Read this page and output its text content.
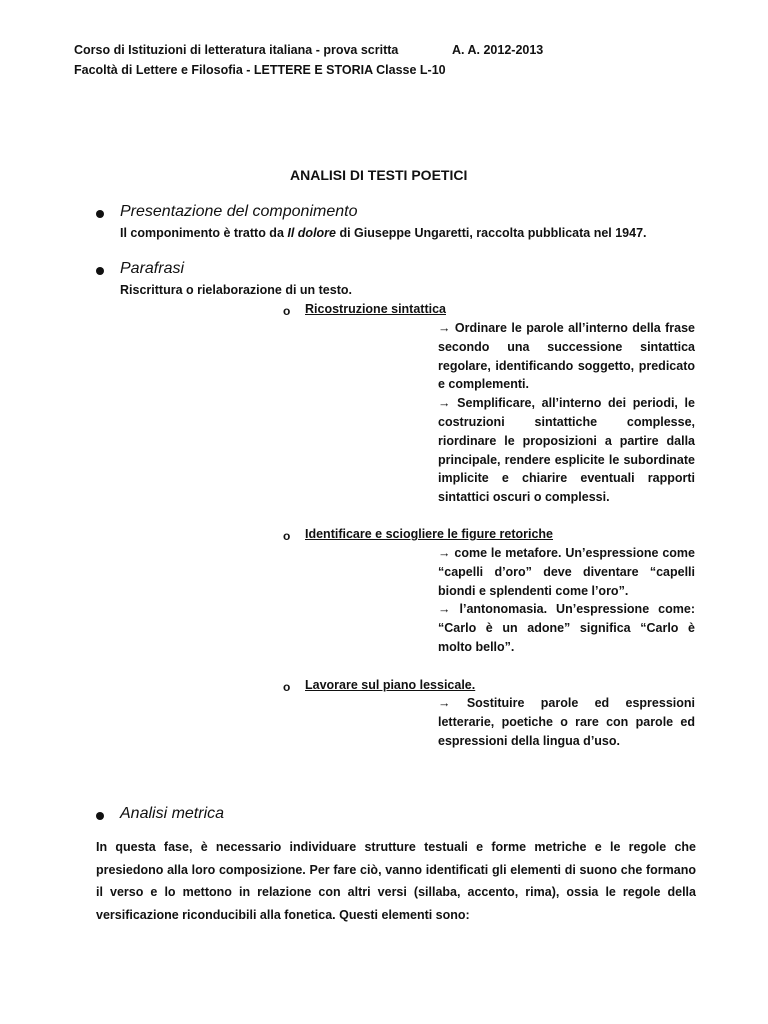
Corso di Istituzioni di letteratura italiana - prova scritta	A. A. 2012-2013
Facoltà di Lettere e Filosofia - LETTERE E STORIA Classe L-10
ANALISI DI TESTI POETICI
Presentazione del componimento
Il componimento è tratto da Il dolore di Giuseppe Ungaretti, raccolta pubblicata nel 1947.
Parafrasi
Riscrittura o rielaborazione di un testo.
o Ricostruzione sintattica

→ Ordinare le parole all’interno della frase secondo una successione sintattica regolare, identificando soggetto, predicato e complementi.

→ Semplificare, all’interno dei periodi, le costruzioni sintattiche complesse, riordinare le proposizioni a partire dalla principale, rendere esplicite le subordinate implicite e chiarire eventuali rapporti sintattici oscuri o complessi.

o Identificare e sciogliere le figure retoriche

→ come le metafore. Un’espressione come “capelli d’oro” deve diventare “capelli biondi e splendenti come l’oro”.

→ l’antonomasia. Un’espressione come: “Carlo è un adone” significa “Carlo è molto bello”.

o Lavorare sul piano lessicale.

→ Sostituire parole ed espressioni letterarie, poetiche o rare con parole ed espressioni della lingua d’uso.

Analisi metrica

In questa fase, è necessario individuare strutture testuali e forme metriche e le regole che presiedono alla loro composizione. Per fare ciò, vanno identificati gli elementi di suono che formano il verso e lo mettono in relazione con altri versi (sillaba, accento, rima), ossia le regole della versificazione riconducibili alla fonetica. Questi elementi sono:
